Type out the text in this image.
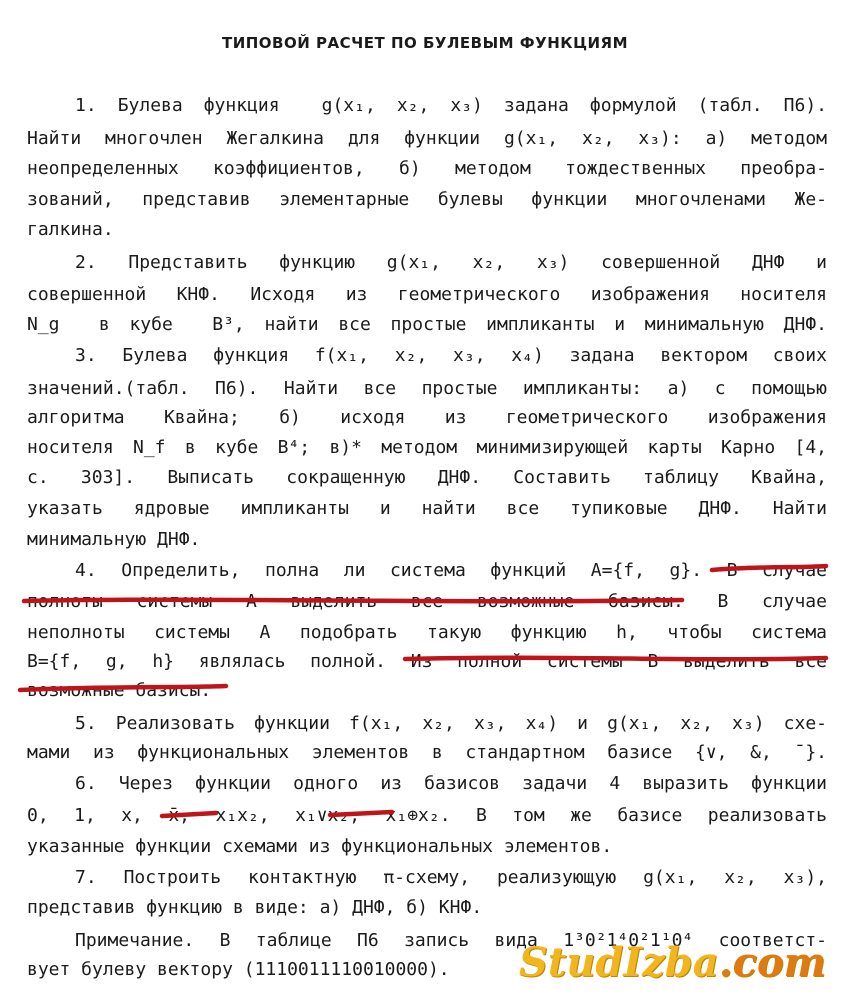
ТИПОВОЙ РАСЧЕТ ПО БУЛЕВЫМ ФУНКЦИЯМ
1. Булева функция  g(x₁, x₂, x₃) задана формулой (табл. П6).
Найти многочлен Жегалкина для функции g(x₁, x₂, x₃): а) методом
неопределенных коэффициентов, б) методом тождественных преобра-
зований, представив элементарные булевы функции многочленами Же-
галкина.
2. Представить функцию g(x₁, x₂, x₃) совершенной ДНФ и
совершенной КНФ. Исходя из геометрического изображения носителя
N_g  в кубе  B³, найти все простые импликанты и минимальную ДНФ.
3. Булева функция f(x₁, x₂, x₃, x₄) задана вектором своих
значений.(табл. П6). Найти все простые импликанты: а) с помощью
алгоритма Квайна; б) исходя из геометрического изображения
носителя N_f в кубе B⁴; в)* методом минимизирующей карты Карно [4,
с. 303]. Выписать сокращенную ДНФ. Составить таблицу Квайна,
указать ядровые импликанты и найти все тупиковые ДНФ. Найти
минимальную ДНФ.
4. Определить, полна ли система функций A={f, g}. В случае
полноты системы A выделить все возможные базисы. В случае
неполноты системы A подобрать такую функцию h, чтобы система
B={f, g, h} являлась полной. Из полной системы B выделить все
возможные базисы.
5. Реализовать функции f(x₁, x₂, x₃, x₄) и g(x₁, x₂, x₃) схе-
мами из функциональных элементов в стандартном базисе {∨, &, ¯}.
6. Через функции одного из базисов задачи 4 выразить функции
0, 1, x, x̄, x₁x₂, x₁∨x₂, x₁⊕x₂. В том же базисе реализовать
указанные функции схемами из функциональных элементов.
7. Построить контактную π-схему, реализующую g(x₁, x₂, x₃),
представив функцию в виде: а) ДНФ, б) КНФ.
Примечание. В таблице П6 запись вида 1³0²1⁴0²1¹0⁴ соответст-
вует булеву вектору (1110011110010000).	StudIzba.com
